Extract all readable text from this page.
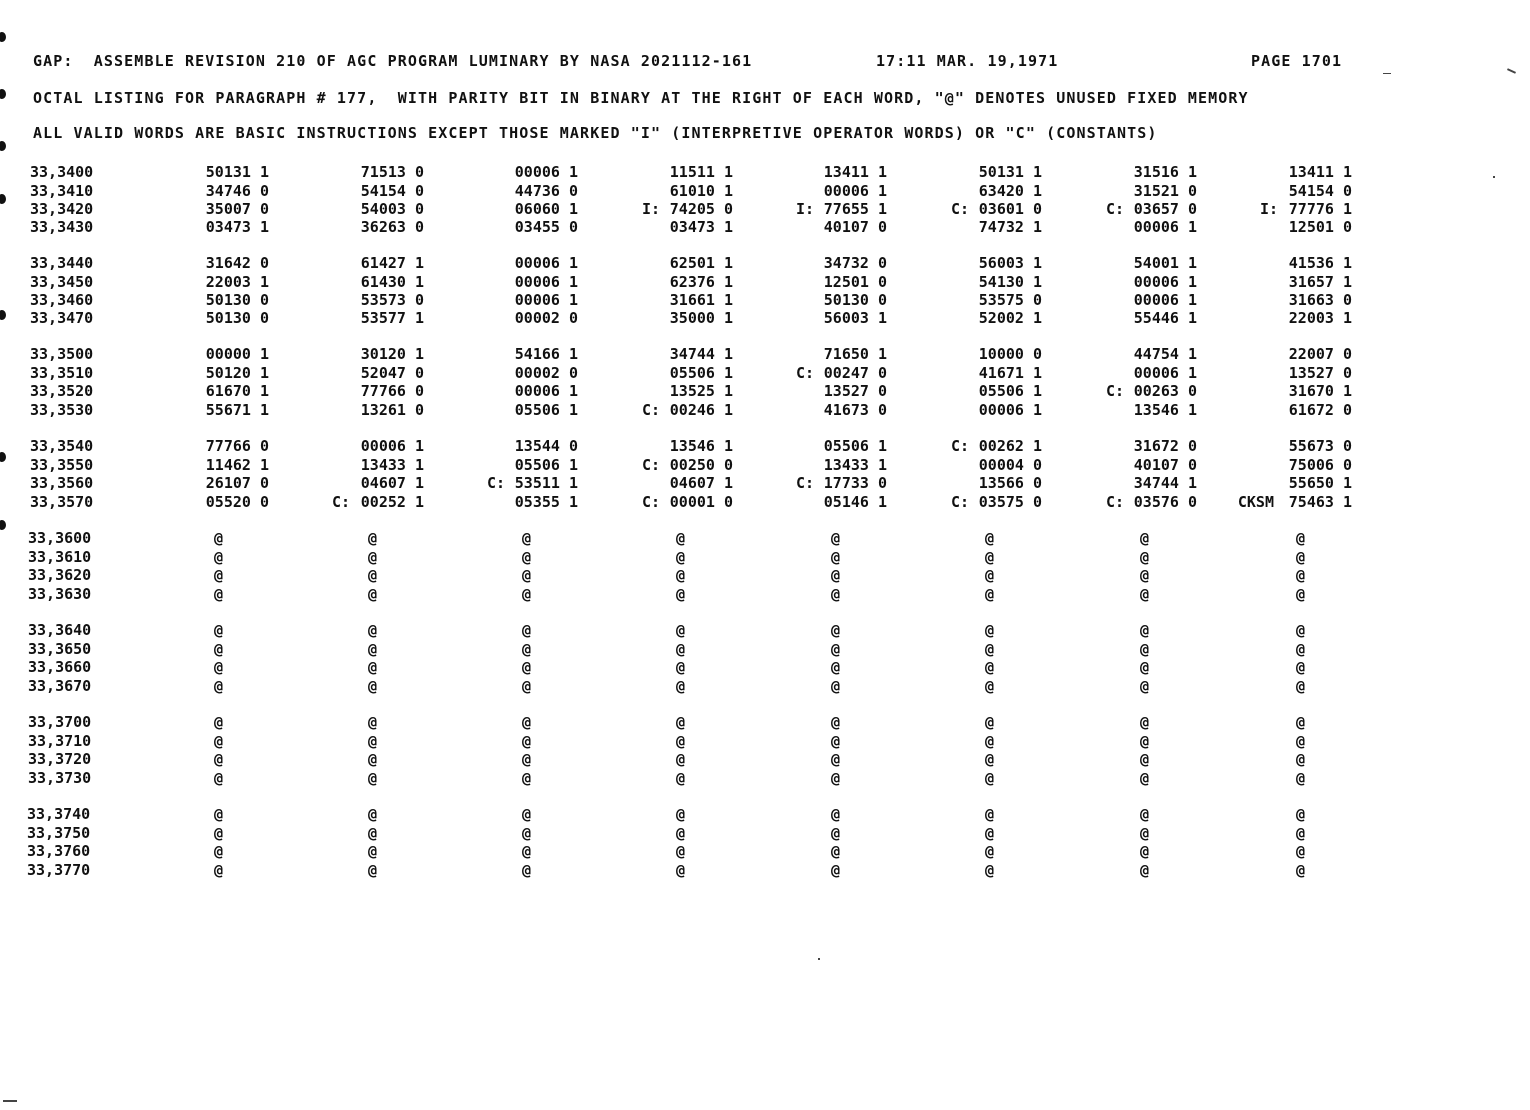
GAP:  ASSEMBLE REVISION 210 OF AGC PROGRAM LUMINARY BY NASA 2021112-161	17:11 MAR. 19,1971	PAGE 1701
OCTAL LISTING FOR PARAGRAPH # 177,  WITH PARITY BIT IN BINARY AT THE RIGHT OF EACH WORD, "@" DENOTES UNUSED FIXED MEMORY
ALL VALID WORDS ARE BASIC INSTRUCTIONS EXCEPT THOSE MARKED "I" (INTERPRETIVE OPERATOR WORDS) OR "C" (CONSTANTS)
33,3400	50131 1	71513 0	00006 1	11511 1	13411 1	50131 1	31516 1	13411 1
33,3410	34746 0	54154 0	44736 0	61010 1	00006 1	63420 1	31521 0	54154 0
33,3420	35007 0	54003 0	06060 1	I: 74205 0	I: 77655 1	C: 03601 0	C: 03657 0	I: 77776 1
33,3430	03473 1	36263 0	03455 0	03473 1	40107 0	74732 1	00006 1	12501 0
33,3440	31642 0	61427 1	00006 1	62501 1	34732 0	56003 1	54001 1	41536 1
33,3450	22003 1	61430 1	00006 1	62376 1	12501 0	54130 1	00006 1	31657 1
33,3460	50130 0	53573 0	00006 1	31661 1	50130 0	53575 0	00006 1	31663 0
33,3470	50130 0	53577 1	00002 0	35000 1	56003 1	52002 1	55446 1	22003 1
33,3500	00000 1	30120 1	54166 1	34744 1	71650 1	10000 0	44754 1	22007 0
33,3510	50120 1	52047 0	00002 0	05506 1	C: 00247 0	41671 1	00006 1	13527 0
33,3520	61670 1	77766 0	00006 1	13525 1	13527 0	05506 1	C: 00263 0	31670 1
33,3530	55671 1	13261 0	05506 1	C: 00246 1	41673 0	00006 1	13546 1	61672 0
33,3540	77766 0	00006 1	13544 0	13546 1	05506 1	C: 00262 1	31672 0	55673 0
33,3550	11462 1	13433 1	05506 1	C: 00250 0	13433 1	00004 0	40107 0	75006 0
33,3560	26107 0	04607 1	C: 53511 1	04607 1	C: 17733 0	13566 0	34744 1	55650 1
33,3570	05520 0	C: 00252 1	05355 1	C: 00001 0	05146 1	C: 03575 0	C: 03576 0	CKSM 75463 1
33,3600	@	@	@	@	@	@	@	@
33,3610	@	@	@	@	@	@	@	@
33,3620	@	@	@	@	@	@	@	@
33,3630	@	@	@	@	@	@	@	@
33,3640	@	@	@	@	@	@	@	@
33,3650	@	@	@	@	@	@	@	@
33,3660	@	@	@	@	@	@	@	@
33,3670	@	@	@	@	@	@	@	@
33,3700	@	@	@	@	@	@	@	@
33,3710	@	@	@	@	@	@	@	@
33,3720	@	@	@	@	@	@	@	@
33,3730	@	@	@	@	@	@	@	@
33,3740	@	@	@	@	@	@	@	@
33,3750	@	@	@	@	@	@	@	@
33,3760	@	@	@	@	@	@	@	@
33,3770	@	@	@	@	@	@	@	@
